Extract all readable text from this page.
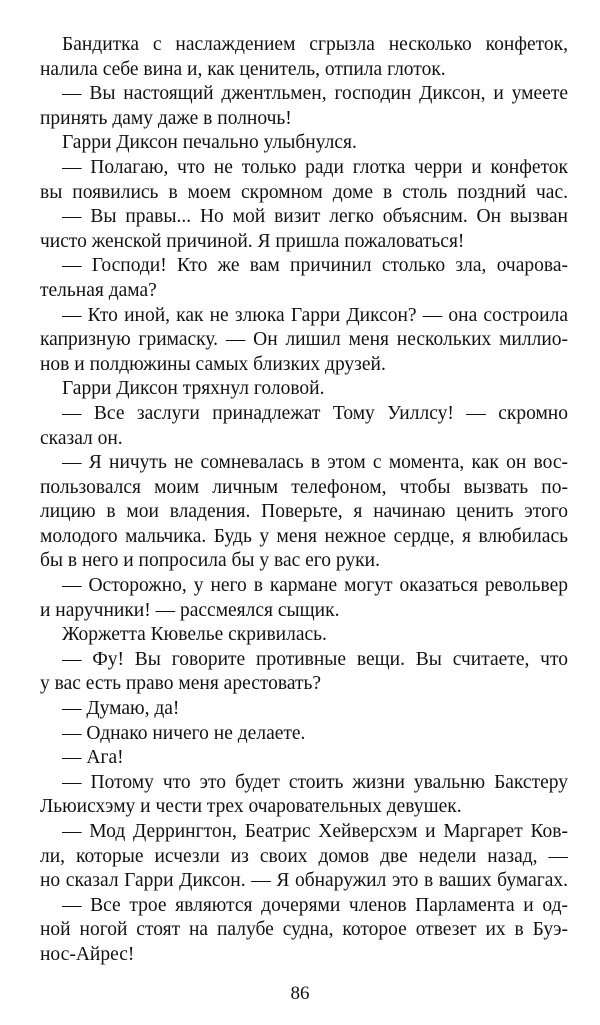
Бандитка с наслаждением сгрызла несколько конфеток,
налила себе вина и, как ценитель, отпила глоток.
— Вы настоящий джентльмен, господин Диксон, и умеете
принять даму даже в полночь!
Гарри Диксон печально улыбнулся.
— Полагаю, что не только ради глотка черри и конфеток
вы появились в моем скромном доме в столь поздний час.
— Вы правы... Но мой визит легко объясним. Он вызван
чисто женской причиной. Я пришла пожаловаться!
— Господи! Кто же вам причинил столько зла, очарова-
тельная дама?
— Кто иной, как не злюка Гарри Диксон? — она состроила
капризную гримаску. — Он лишил меня нескольких миллио-
нов и полдюжины самых близких друзей.
Гарри Диксон тряхнул головой.
— Все заслуги принадлежат Тому Уиллсу! — скромно
сказал он.
— Я ничуть не сомневалась в этом с момента, как он вос-
пользовался моим личным телефоном, чтобы вызвать по-
лицию в мои владения. Поверьте, я начинаю ценить этого
молодого мальчика. Будь у меня нежное сердце, я влюбилась
бы в него и попросила бы у вас его руки.
— Осторожно, у него в кармане могут оказаться револьвер
и наручники! — рассмеялся сыщик.
Жоржетта Кювелье скривилась.
— Фу! Вы говорите противные вещи. Вы считаете, что
у вас есть право меня арестовать?
— Думаю, да!
— Однако ничего не делаете.
— Ага!
— Потому что это будет стоить жизни увальню Бакстеру
Льюисхэму и чести трех очаровательных девушек.
— Мод Деррингтон, Беатрис Хейверсхэм и Маргарет Ков-
ли, которые исчезли из своих домов две недели назад, —
но сказал Гарри Диксон. — Я обнаружил это в ваших бумагах.
— Все трое являются дочерями членов Парламента и од-
ной ногой стоят на палубе судна, которое отвезет их в Буэ-
нос-Айрес!
86
